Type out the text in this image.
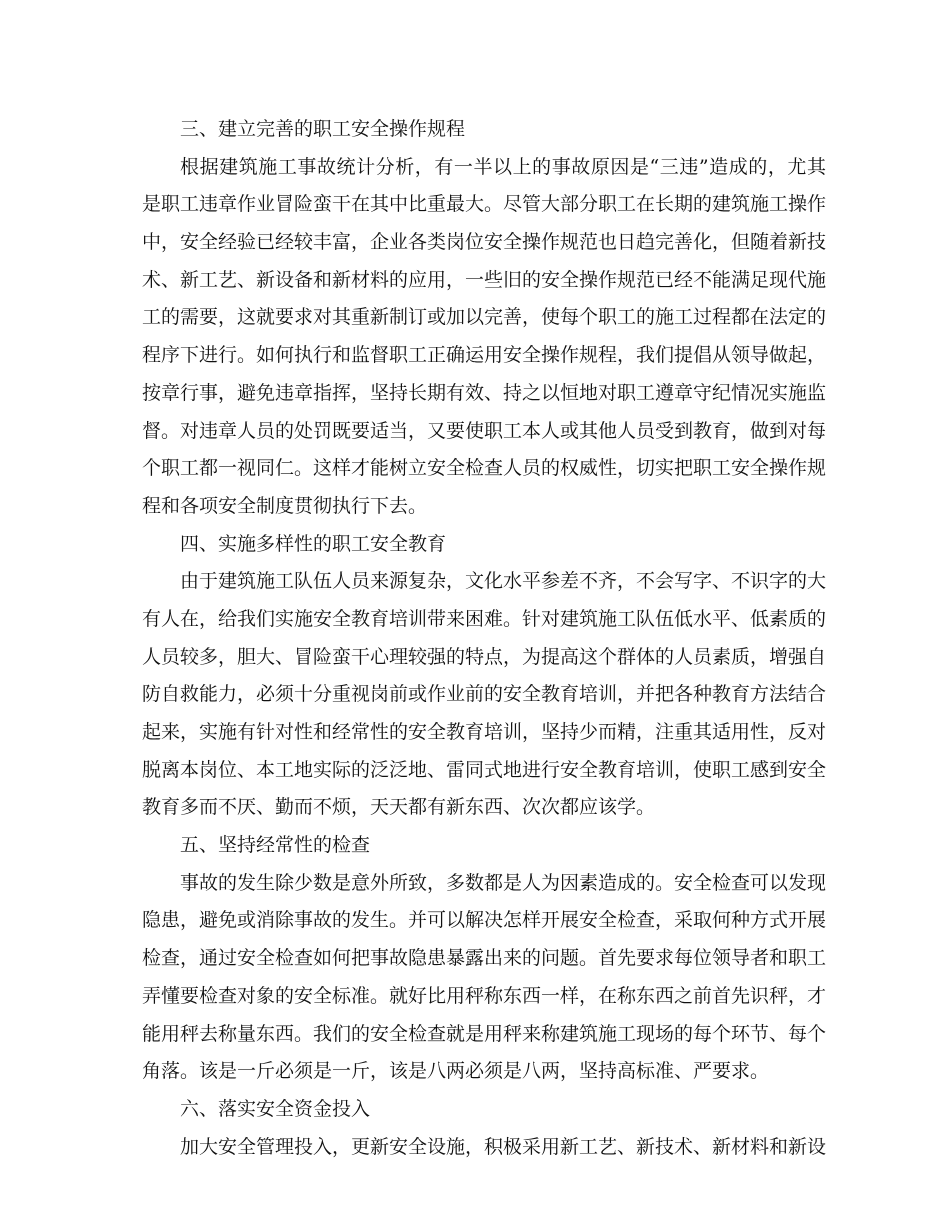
三、建立完善的职工安全操作规程
根据建筑施工事故统计分析，有一半以上的事故原因是“三违”造成的，尤其
是职工违章作业冒险蛮干在其中比重最大。尽管大部分职工在长期的建筑施工操作
中，安全经验已经较丰富，企业各类岗位安全操作规范也日趋完善化，但随着新技
术、新工艺、新设备和新材料的应用，一些旧的安全操作规范已经不能满足现代施
工的需要，这就要求对其重新制订或加以完善，使每个职工的施工过程都在法定的
程序下进行。如何执行和监督职工正确运用安全操作规程，我们提倡从领导做起，
按章行事，避免违章指挥，坚持长期有效、持之以恒地对职工遵章守纪情况实施监
督。对违章人员的处罚既要适当，又要使职工本人或其他人员受到教育，做到对每
个职工都一视同仁。这样才能树立安全检查人员的权威性，切实把职工安全操作规
程和各项安全制度贯彻执行下去。
四、实施多样性的职工安全教育
由于建筑施工队伍人员来源复杂，文化水平参差不齐，不会写字、不识字的大
有人在，给我们实施安全教育培训带来困难。针对建筑施工队伍低水平、低素质的
人员较多，胆大、冒险蛮干心理较强的特点，为提高这个群体的人员素质，增强自
防自救能力，必须十分重视岗前或作业前的安全教育培训，并把各种教育方法结合
起来，实施有针对性和经常性的安全教育培训，坚持少而精，注重其适用性，反对
脱离本岗位、本工地实际的泛泛地、雷同式地进行安全教育培训，使职工感到安全
教育多而不厌、勤而不烦，天天都有新东西、次次都应该学。
五、坚持经常性的检查
事故的发生除少数是意外所致，多数都是人为因素造成的。安全检查可以发现
隐患，避免或消除事故的发生。并可以解决怎样开展安全检查，采取何种方式开展
检查，通过安全检查如何把事故隐患暴露出来的问题。首先要求每位领导者和职工
弄懂要检查对象的安全标准。就好比用秤称东西一样，在称东西之前首先识秤，才
能用秤去称量东西。我们的安全检查就是用秤来称建筑施工现场的每个环节、每个
角落。该是一斤必须是一斤，该是八两必须是八两，坚持高标准、严要求。
六、落实安全资金投入
加大安全管理投入，更新安全设施，积极采用新工艺、新技术、新材料和新设
